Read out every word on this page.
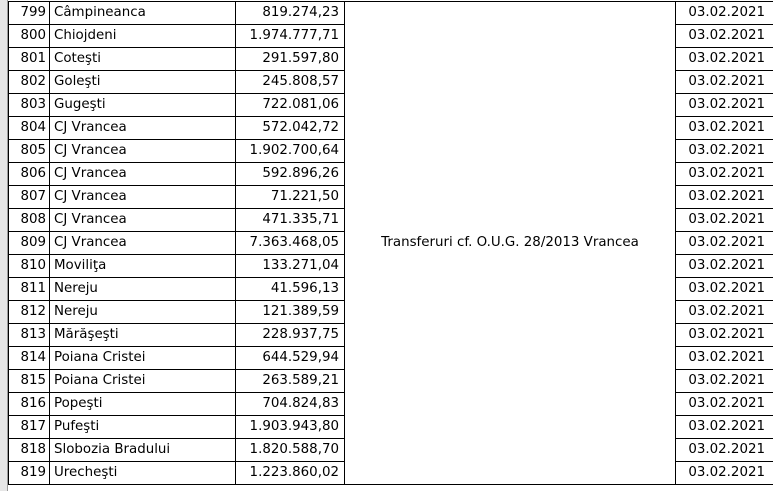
799	Câmpineanca	819.274,23	Transferuri cf. O.U.G. 28/2013 Vrancea	03.02.2021
800	Chiojdeni	1.974.777,71		03.02.2021
801	Coteşti	291.597,80		03.02.2021
802	Goleşti	245.808,57		03.02.2021
803	Gugeşti	722.081,06		03.02.2021
804	CJ Vrancea	572.042,72		03.02.2021
805	CJ Vrancea	1.902.700,64		03.02.2021
806	CJ Vrancea	592.896,26		03.02.2021
807	CJ Vrancea	71.221,50		03.02.2021
808	CJ Vrancea	471.335,71		03.02.2021
809	CJ Vrancea	7.363.468,05		03.02.2021
810	Moviliţa	133.271,04		03.02.2021
811	Nereju	41.596,13		03.02.2021
812	Nereju	121.389,59		03.02.2021
813	Mărăşeşti	228.937,75		03.02.2021
814	Poiana Cristei	644.529,94		03.02.2021
815	Poiana Cristei	263.589,21		03.02.2021
816	Popeşti	704.824,83		03.02.2021
817	Pufeşti	1.903.943,80		03.02.2021
818	Slobozia Bradului	1.820.588,70		03.02.2021
819	Urecheşti	1.223.860,02		03.02.2021
